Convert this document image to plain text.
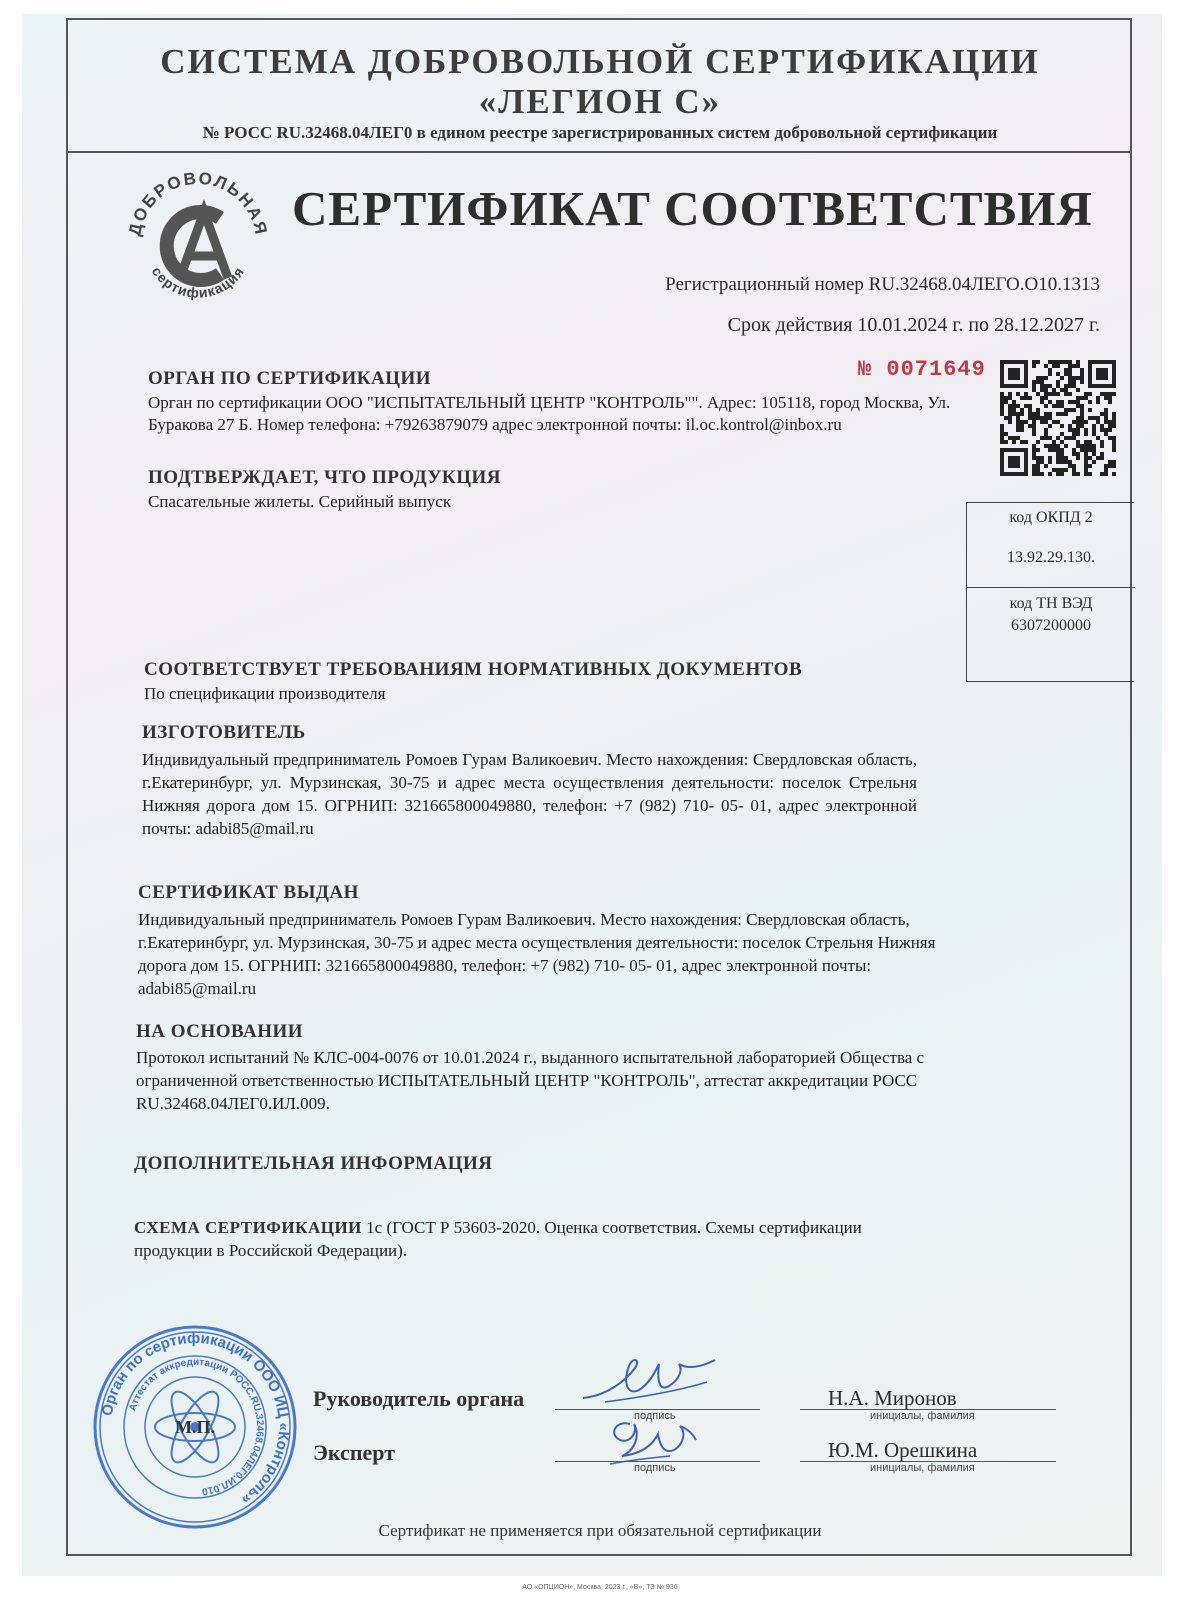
СИСТЕМА ДОБРОВОЛЬНОЙ СЕРТИФИКАЦИИ
«ЛЕГИОН С»
№ РОСС RU.32468.04ЛЕГ0 в едином реестре зарегистрированных систем добровольной сертификации
ДОБРОВОЛЬНАЯ
сертификация
СЕРТИФИКАТ СООТВЕТСТВИЯ
Регистрационный номер RU.32468.04ЛЕГО.О10.1313
Срок действия 10.01.2024 г. по 28.12.2027 г.
№ 0071649
ОРГАН ПО СЕРТИФИКАЦИИ
Орган по сертификации ООО "ИСПЫТАТЕЛЬНЫЙ ЦЕНТР "КОНТРОЛЬ"". Адрес: 105118, город Москва, Ул. Буракова 27 Б. Номер телефона: +79263879079 адрес электронной почты: il.oc.kontrol@inbox.ru
ПОДТВЕРЖДАЕТ, ЧТО ПРОДУКЦИЯ
Спасательные жилеты. Серийный выпуск
код ОКПД 2
13.92.29.130.
код ТН ВЭД
6307200000
СООТВЕТСТВУЕТ ТРЕБОВАНИЯМ НОРМАТИВНЫХ ДОКУМЕНТОВ
По спецификации производителя
ИЗГОТОВИТЕЛЬ
Индивидуальный предприниматель Ромоев Гурам Валикоевич. Место нахождения: Свердловская область, г.Екатеринбург, ул. Мурзинская, 30-75 и адрес места осуществления деятельности: поселок Стрельня Нижняя дорога дом 15. ОГРНИП: 321665800049880, телефон: +7 (982) 710- 05- 01, адрес электронной почты: adabi85@mail.ru
СЕРТИФИКАТ ВЫДАН
Индивидуальный предприниматель Ромоев Гурам Валикоевич. Место нахождения: Свердловская область, г.Екатеринбург, ул. Мурзинская, 30-75 и адрес места осуществления деятельности: поселок Стрельня Нижняя дорога дом 15. ОГРНИП: 321665800049880, телефон: +7 (982) 710- 05- 01, адрес электронной почты: adabi85@mail.ru
НА ОСНОВАНИИ
Протокол испытаний № КЛС-004-0076 от 10.01.2024 г., выданного испытательной лабораторией Общества с ограниченной ответственностью ИСПЫТАТЕЛЬНЫЙ ЦЕНТР "КОНТРОЛЬ", аттестат аккредитации РОСС RU.32468.04ЛЕГ0.ИЛ.009.
ДОПОЛНИТЕЛЬНАЯ ИНФОРМАЦИЯ
СХЕМА СЕРТИФИКАЦИИ 1с (ГОСТ Р 53603-2020. Оценка соответствия. Схемы сертификации продукции в Российской Федерации).
Орган по сертификации ООО ИЦ «Контроль»
Аттестат аккредитации РОСС.RU.32468.04ЛЕГ0.ИЛ.010
М.П.
Руководитель органа
подпись
Н.А. Миронов
инициалы, фамилия
Эксперт
подпись
Ю.М. Орешкина
инициалы, фамилия
Сертификат не применяется при обязательной сертификации
АО «ОПЦИОН», Москва, 2023 г., «В», ТЗ № 936
